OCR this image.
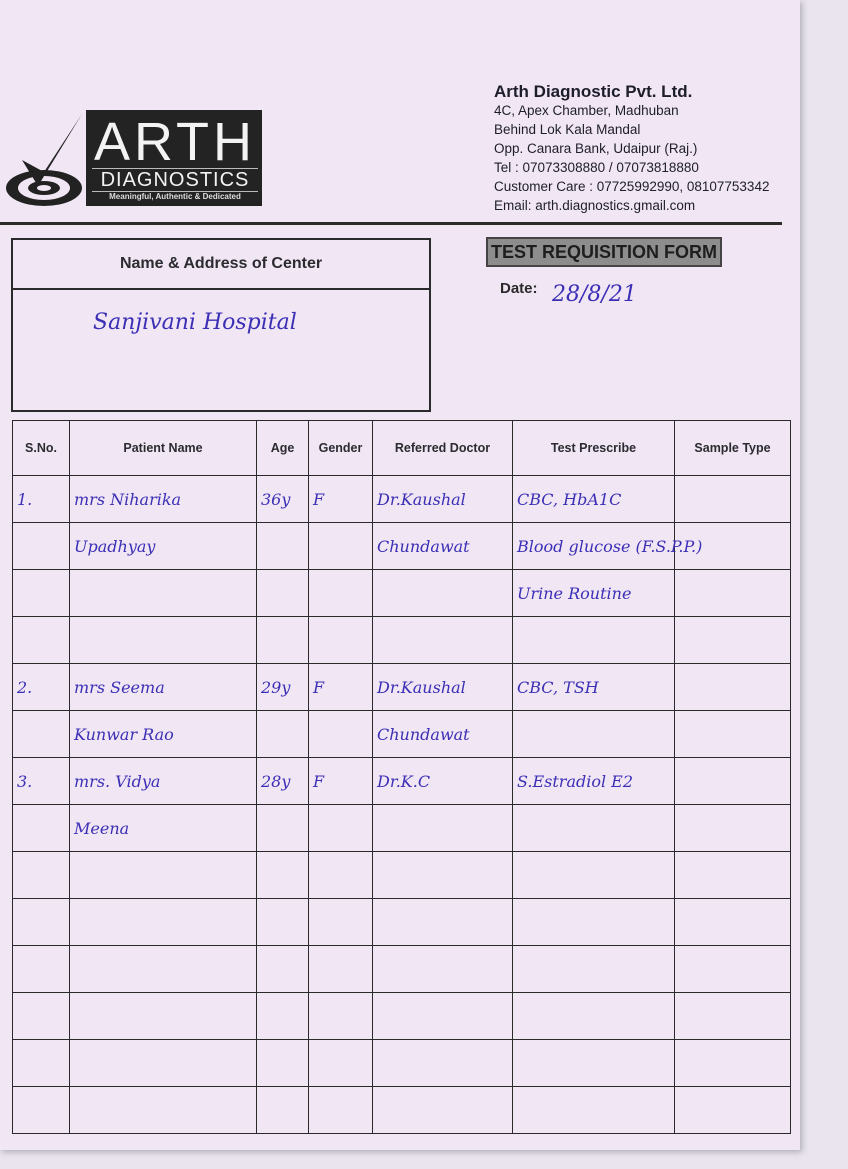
ARTH
DIAGNOSTICS
Meaningful, Authentic & Dedicated
Arth Diagnostic Pvt. Ltd.
4C, Apex Chamber, Madhuban
Behind Lok Kala Mandal
Opp. Canara Bank, Udaipur (Raj.)
Tel : 07073308880 / 07073818880
Customer Care : 07725992990, 08107753342
Email: arth.diagnostics.gmail.com
Name & Address of Center
Sanjivani Hospital
TEST REQUISITION FORM
Date: 28/8/21
S.No.	Patient Name	Age	Gender	Referred Doctor	Test Prescribe	Sample Type
1.	mrs Niharika	36y	F	Dr.Kaushal	CBC, HbA1C	
	Upadhyay			Chundawat	Blood glucose (F.S.P.P.)	
					Urine Routine	

2.	mrs Seema	29y	F	Dr.Kaushal	CBC, TSH	
	Kunwar Rao			Chundawat		
3.	mrs. Vidya	28y	F	Dr.K.C	S.Estradiol E2	
	Meena					
